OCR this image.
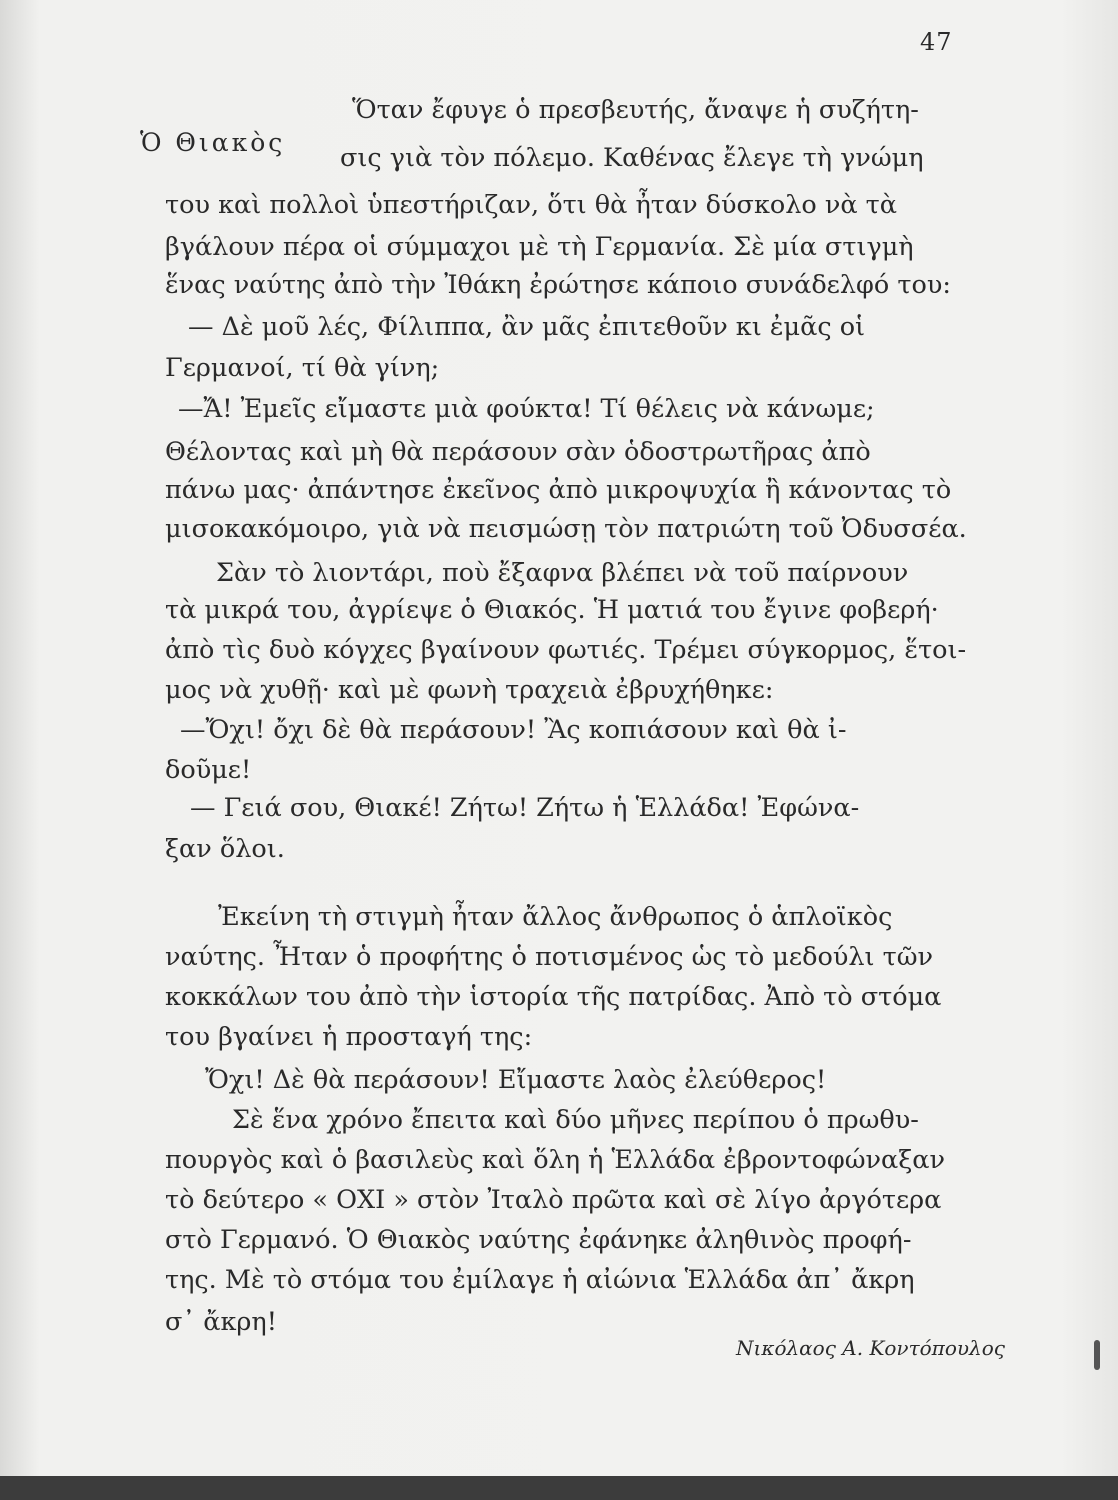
47
Ὁ Θιακὸς

Ὅταν ἔφυγε ὁ πρεσβευτής, ἄναψε ἡ συζήτη-

σις γιὰ τὸν πόλεμο. Καθένας ἔλεγε τὴ γνώμη

του καὶ πολλοὶ ὑπεστήριζαν, ὅτι θὰ ἦταν δύσκολο νὰ τὰ

βγάλουν πέρα οἱ σύμμαχοι μὲ τὴ Γερμανία. Σὲ μία στιγμὴ

ἕνας ναύτης ἀπὸ τὴν Ἰθάκη ἐρώτησε κάποιο συνάδελφό του:

— Δὲ μοῦ λές, Φίλιππα, ἂν μᾶς ἐπιτεθοῦν κι ἐμᾶς οἱ

Γερμανοί, τί θὰ γίνη;

—Ἄ! Ἐμεῖς εἴμαστε μιὰ φούκτα! Τί θέλεις νὰ κάνωμε;

Θέλοντας καὶ μὴ θὰ περάσουν σὰν ὁδοστρωτῆρας ἀπὸ

πάνω μας· ἀπάντησε ἐκεῖνος ἀπὸ μικροψυχία ἢ κάνοντας τὸ

μισοκακόμοιρο, γιὰ νὰ πεισμώσῃ τὸν πατριώτη τοῦ Ὀδυσσέα.

Σὰν τὸ λιοντάρι, ποὺ ἔξαφνα βλέπει νὰ τοῦ παίρνουν

τὰ μικρά του, ἀγρίεψε ὁ Θιακός. Ἡ ματιά του ἔγινε φοβερή·

ἀπὸ τὶς δυὸ κόγχες βγαίνουν φωτιές. Τρέμει σύγκορμος, ἕτοι-

μος νὰ χυθῇ· καὶ μὲ φωνὴ τραχειὰ ἐβρυχήθηκε:

—Ὄχι! ὄχι δὲ θὰ περάσουν! Ἂς κοπιάσουν καὶ θὰ ἰ-

δοῦμε!

— Γειά σου, Θιακέ! Ζήτω! Ζήτω ἡ Ἑλλάδα! Ἐφώνα-

ξαν ὅλοι.

Ἐκείνη τὴ στιγμὴ ἦταν ἄλλος ἄνθρωπος ὁ ἁπλοϊκὸς

ναύτης. Ἦταν ὁ προφήτης ὁ ποτισμένος ὡς τὸ μεδούλι τῶν

κοκκάλων του ἀπὸ τὴν ἱστορία τῆς πατρίδας. Ἀπὸ τὸ στόμα

του βγαίνει ἡ προσταγή της:

Ὄχι! Δὲ θὰ περάσουν! Εἴμαστε λαὸς ἐλεύθερος!

Σὲ ἕνα χρόνο ἔπειτα καὶ δύο μῆνες περίπου ὁ πρωθυ-

πουργὸς καὶ ὁ βασιλεὺς καὶ ὅλη ἡ Ἑλλάδα ἐβροντοφώναξαν

τὸ δεύτερο « ΟΧΙ » στὸν Ἰταλὸ πρῶτα καὶ σὲ λίγο ἀργότερα

στὸ Γερμανό. Ὁ Θιακὸς ναύτης ἐφάνηκε ἀληθινὸς προφή-

της. Μὲ τὸ στόμα του ἐμίλαγε ἡ αἰώνια Ἑλλάδα ἀπ᾽ ἄκρη

σ᾽ ἄκρη!

Νικόλαος Α. Κοντόπουλος
